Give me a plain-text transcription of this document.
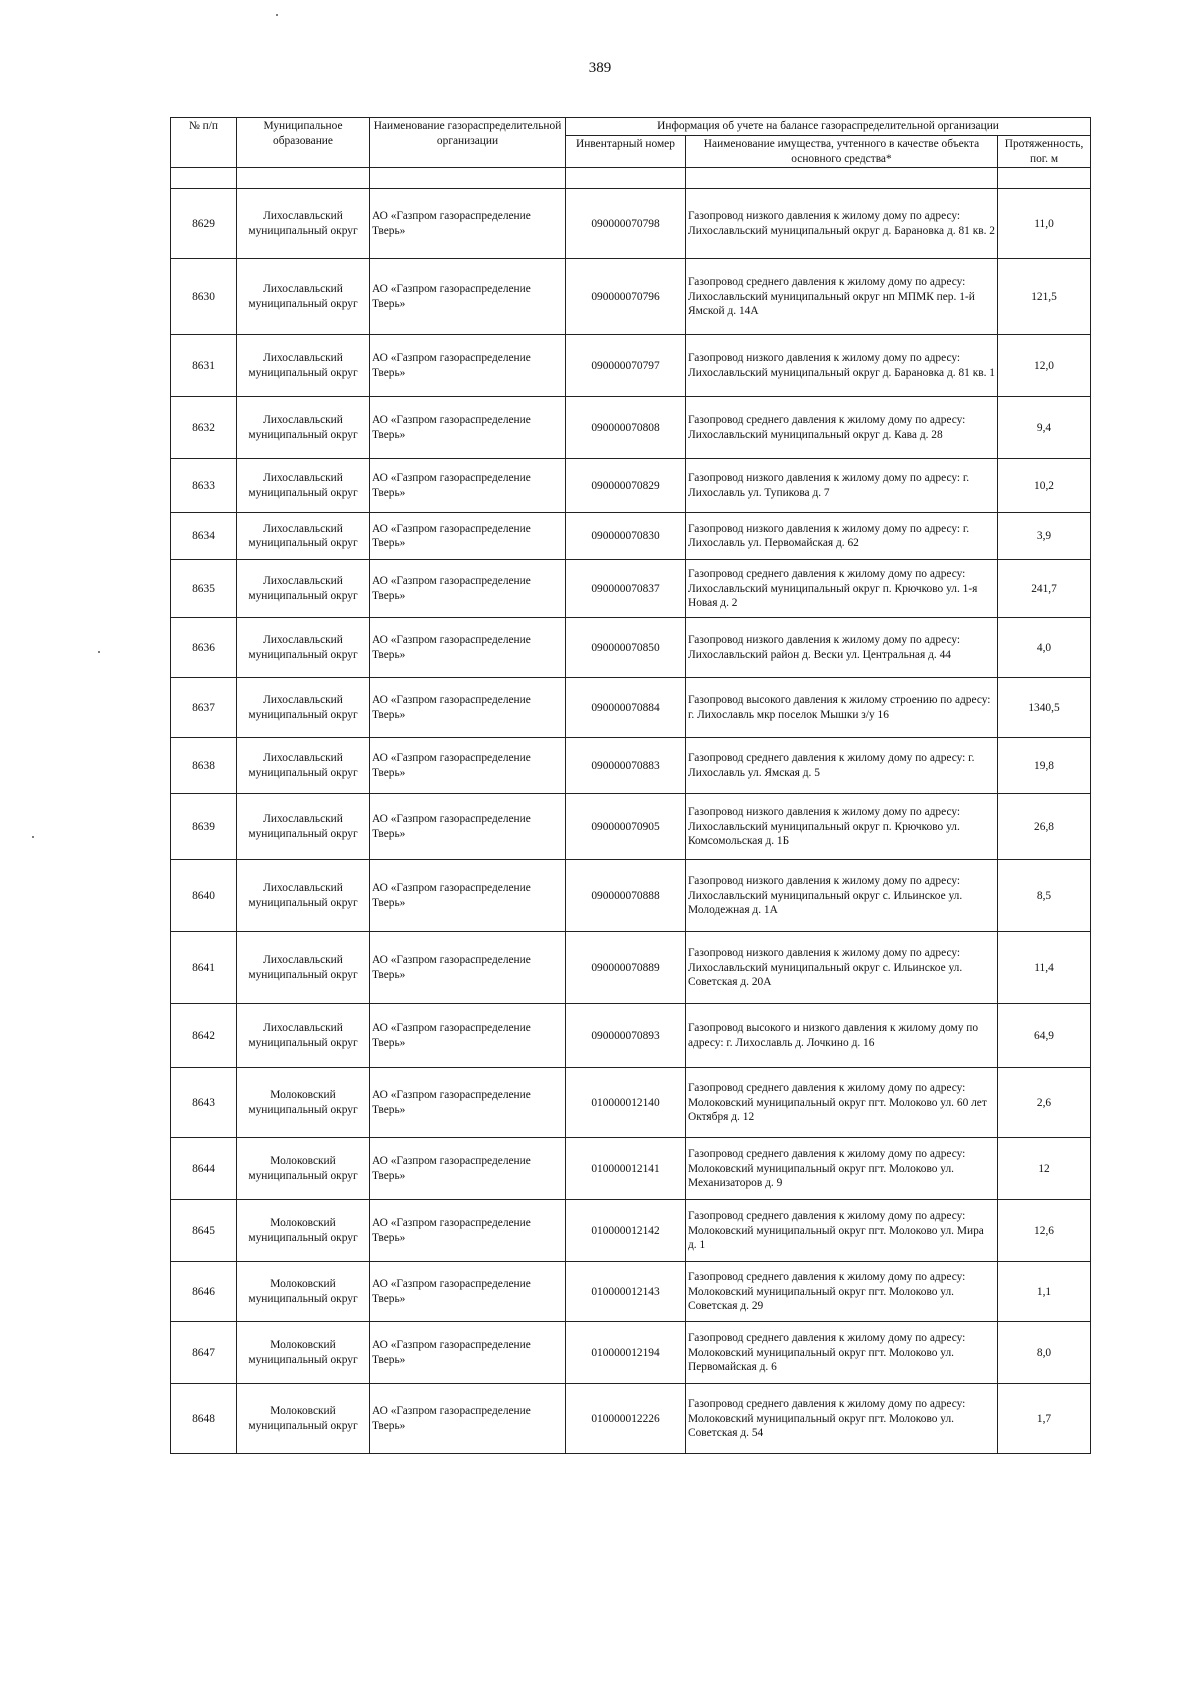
389
№ п/п	Муниципальное образование	Наименование газораспределительной организации	Информация об учете на балансе газораспределительной организации		
			Инвентарный номер	Наименование имущества, учтенного в качестве объекта основного средства*	Протяженность, пог. м

8629	Лихославльский муниципальный округ	АО «Газпром газораспределение Тверь»	090000070798	Газопровод низкого давления к жилому дому по адресу: Лихославльский муниципальный округ д. Барановка д. 81 кв. 2	11,0
8630	Лихославльский муниципальный округ	АО «Газпром газораспределение Тверь»	090000070796	Газопровод среднего давления к жилому дому по адресу: Лихославльский муниципальный округ нп МПМК пер. 1-й Ямской д. 14А	121,5
8631	Лихославльский муниципальный округ	АО «Газпром газораспределение Тверь»	090000070797	Газопровод низкого давления к жилому дому по адресу: Лихославльский муниципальный округ д. Барановка д. 81 кв. 1	12,0
8632	Лихославльский муниципальный округ	АО «Газпром газораспределение Тверь»	090000070808	Газопровод среднего давления к жилому дому по адресу: Лихославльский муниципальный округ д. Кава д. 28	9,4
8633	Лихославльский муниципальный округ	АО «Газпром газораспределение Тверь»	090000070829	Газопровод низкого давления к жилому дому по адресу: г. Лихославль ул. Тупикова д. 7	10,2
8634	Лихославльский муниципальный округ	АО «Газпром газораспределение Тверь»	090000070830	Газопровод низкого давления к жилому дому по адресу: г. Лихославль ул. Первомайская д. 62	3,9
8635	Лихославльский муниципальный округ	АО «Газпром газораспределение Тверь»	090000070837	Газопровод среднего давления к жилому дому по адресу: Лихославльский муниципальный округ п. Крючково ул. 1-я Новая д. 2	241,7
8636	Лихославльский муниципальный округ	АО «Газпром газораспределение Тверь»	090000070850	Газопровод низкого давления к жилому дому по адресу: Лихославльский район д. Вески ул. Центральная д. 44	4,0
8637	Лихославльский муниципальный округ	АО «Газпром газораспределение Тверь»	090000070884	Газопровод высокого давления к жилому строению по адресу: г. Лихославль мкр поселок Мышки з/у 16	1340,5
8638	Лихославльский муниципальный округ	АО «Газпром газораспределение Тверь»	090000070883	Газопровод среднего давления к жилому дому по адресу: г. Лихославль ул. Ямская д. 5	19,8
8639	Лихославльский муниципальный округ	АО «Газпром газораспределение Тверь»	090000070905	Газопровод низкого давления к жилому дому по адресу: Лихославльский муниципальный округ п. Крючково ул. Комсомольская д. 1Б	26,8
8640	Лихославльский муниципальный округ	АО «Газпром газораспределение Тверь»	090000070888	Газопровод низкого давления к жилому дому по адресу: Лихославльский муниципальный округ с. Ильинское ул. Молодежная д. 1А	8,5
8641	Лихославльский муниципальный округ	АО «Газпром газораспределение Тверь»	090000070889	Газопровод низкого давления к жилому дому по адресу: Лихославльский муниципальный округ с. Ильинское ул. Советская д. 20А	11,4
8642	Лихославльский муниципальный округ	АО «Газпром газораспределение Тверь»	090000070893	Газопровод высокого и низкого давления к жилому дому по адресу: г. Лихославль д. Лочкино д. 16	64,9
8643	Молоковский муниципальный округ	АО «Газпром газораспределение Тверь»	010000012140	Газопровод среднего давления к жилому дому по адресу: Молоковский муниципальный округ пгт. Молоково ул. 60 лет Октября д. 12	2,6
8644	Молоковский муниципальный округ	АО «Газпром газораспределение Тверь»	010000012141	Газопровод среднего давления к жилому дому по адресу: Молоковский муниципальный округ пгт. Молоково ул. Механизаторов д. 9	12
8645	Молоковский муниципальный округ	АО «Газпром газораспределение Тверь»	010000012142	Газопровод среднего давления к жилому дому по адресу: Молоковский муниципальный округ пгт. Молоково ул. Мира д. 1	12,6
8646	Молоковский муниципальный округ	АО «Газпром газораспределение Тверь»	010000012143	Газопровод среднего давления к жилому дому по адресу: Молоковский муниципальный округ пгт. Молоково ул. Советская д. 29	1,1
8647	Молоковский муниципальный округ	АО «Газпром газораспределение Тверь»	010000012194	Газопровод среднего давления к жилому дому по адресу: Молоковский муниципальный округ пгт. Молоково ул. Первомайская д. 6	8,0
8648	Молоковский муниципальный округ	АО «Газпром газораспределение Тверь»	010000012226	Газопровод среднего давления к жилому дому по адресу: Молоковский муниципальный округ пгт. Молоково ул. Советская д. 54	1,7
